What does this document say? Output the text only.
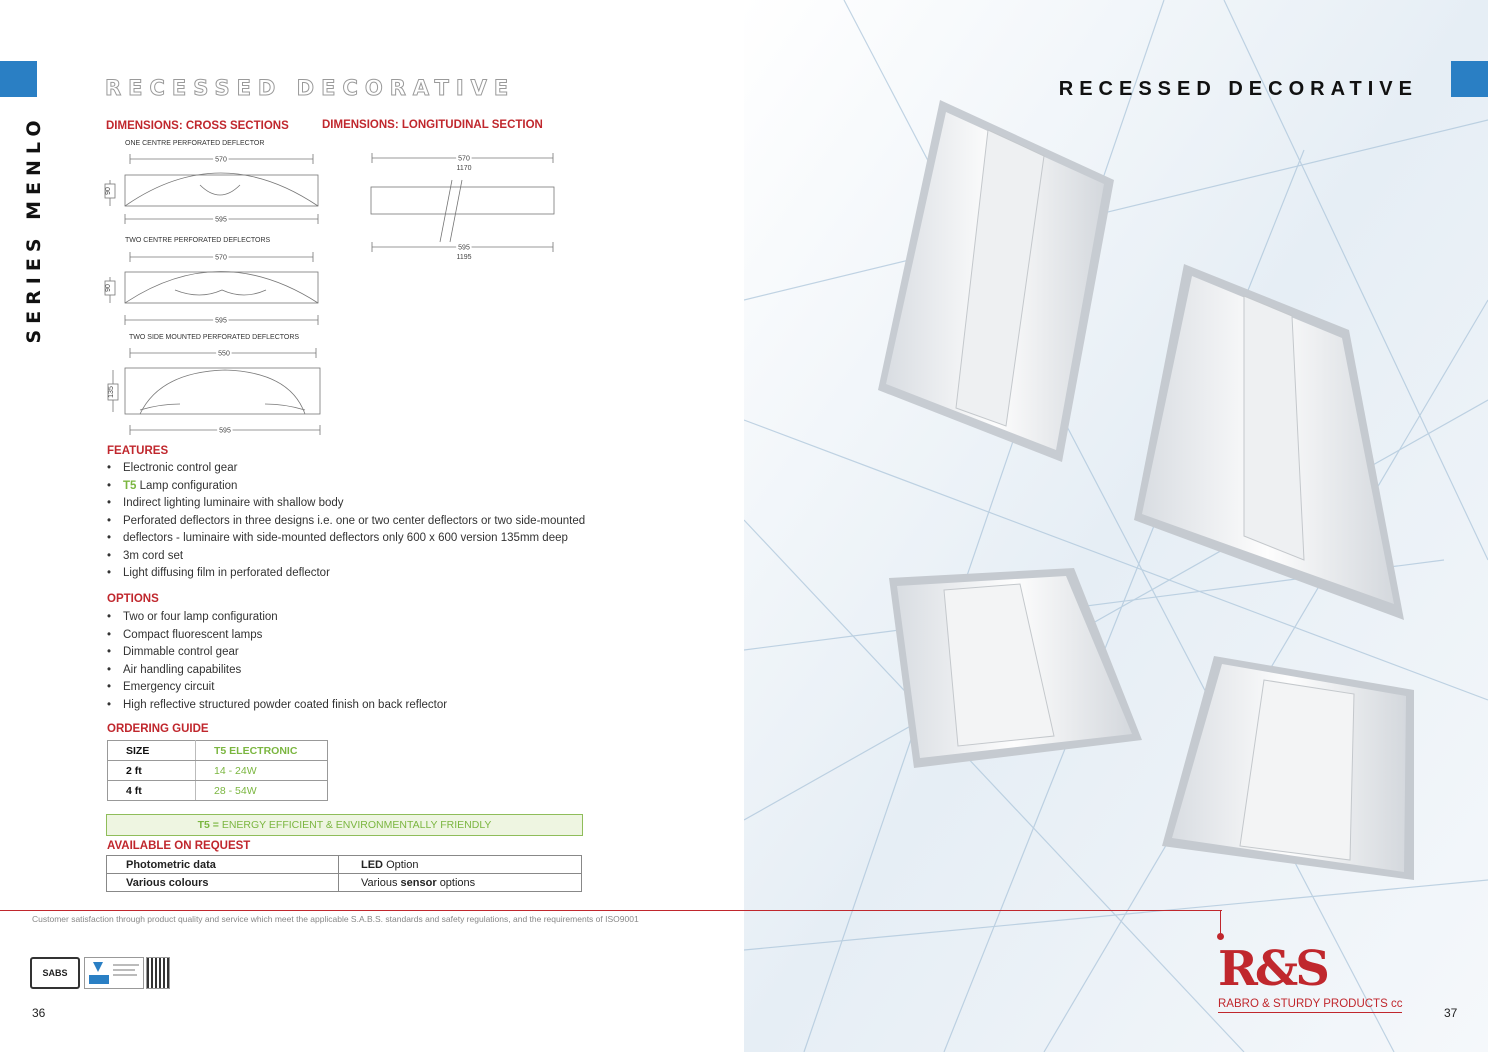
SERIES MENLO
RECESSED DECORATIVE
DIMENSIONS: CROSS SECTIONS	DIMENSIONS: LONGITUDINAL SECTION
ONE CENTRE PERFORATED DEFLECTOR
TWO CENTRE PERFORATED DEFLECTORS
TWO SIDE MOUNTED PERFORATED DEFLECTORS
570
595
90
570
595
90
550
595
135
570
1170
595
1195
FEATURES
• Electronic control gear
• T5 Lamp configuration
• Indirect lighting luminaire with shallow body
• Perforated deflectors in three designs i.e. one or two center deflectors or two side-mounted
• deflectors - luminaire with side-mounted deflectors only 600 x 600 version 135mm deep
• 3m cord set
• Light diffusing film in perforated deflector
OPTIONS
• Two or four lamp configuration
• Compact fluorescent lamps
• Dimmable control gear
• Air handling capabilites
• Emergency circuit
• High reflective structured powder coated finish on back reflector
ORDERING GUIDE
SIZE	T5 ELECTRONIC
2 ft	14 - 24W
4 ft	28 - 54W
T5 = ENERGY EFFICIENT & ENVIRONMENTALLY FRIENDLY
AVAILABLE ON REQUEST
Photometric data	LED Option
Various colours	Various sensor options
Customer satisfaction through product quality and service which meet the applicable S.A.B.S. standards and safety regulations, and the requirements of ISO9001
SABS
36
RECESSED DECORATIVE
37
R&S
RABRO & STURDY PRODUCTS cc
